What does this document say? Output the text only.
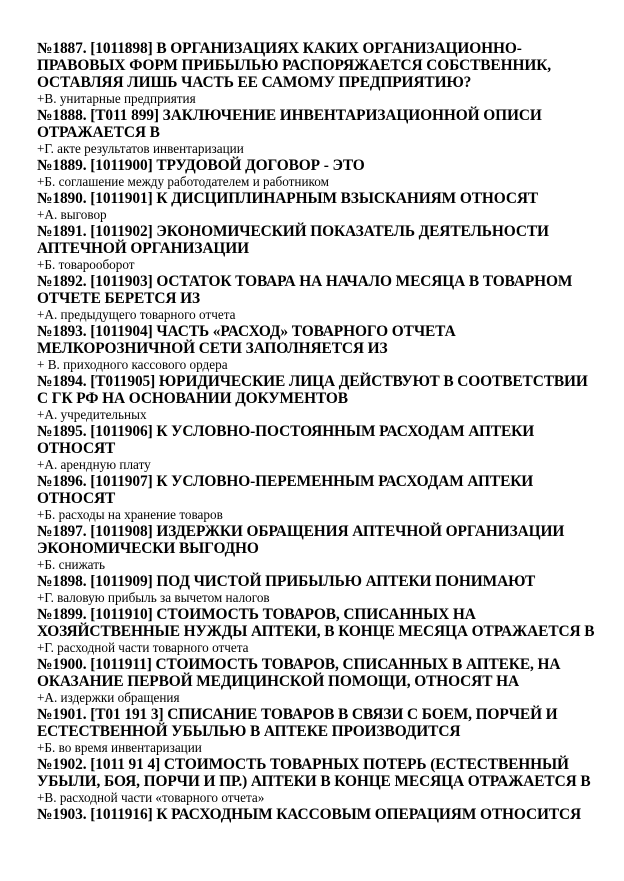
№1887. [1011898] В ОРГАНИЗАЦИЯХ КАКИХ ОРГАНИЗАЦИОННО-ПРАВОВЫХ ФОРМ ПРИБЫЛЬЮ РАСПОРЯЖАЕТСЯ СОБСТВЕННИК, ОСТАВЛЯЯ ЛИШЬ ЧАСТЬ ЕЕ САМОМУ ПРЕДПРИЯТИЮ?

+В. унитарные предприятия

№1888. [Т011 899] ЗАКЛЮЧЕНИЕ ИНВЕНТАРИЗАЦИОННОЙ ОПИСИ ОТРАЖАЕТСЯ В

+Г. акте результатов инвентаризации

№1889. [1011900] ТРУДОВОЙ ДОГОВОР - ЭТО

+Б. соглашение между работодателем и работником

№1890. [1011901] К ДИСЦИПЛИНАРНЫМ ВЗЫСКАНИЯМ ОТНОСЯТ

+А. выговор

№1891. [1011902] ЭКОНОМИЧЕСКИЙ ПОКАЗАТЕЛЬ ДЕЯТЕЛЬНОСТИ АПТЕЧНОЙ ОРГАНИЗАЦИИ

+Б. товарооборот

№1892. [1011903] ОСТАТОК ТОВАРА НА НАЧАЛО МЕСЯЦА В ТОВАРНОМ ОТЧЕТЕ БЕРЕТСЯ ИЗ

+А. предыдущего товарного отчета

№1893. [1011904] ЧАСТЬ «РАСХОД» ТОВАРНОГО ОТЧЕТА МЕЛКОРОЗНИЧНОЙ СЕТИ ЗАПОЛНЯЕТСЯ ИЗ

+ В. приходного кассового ордера

№1894. [Т011905] ЮРИДИЧЕСКИЕ ЛИЦА ДЕЙСТВУЮТ В СООТВЕТСТВИИ С ГК РФ НА ОСНОВАНИИ ДОКУМЕНТОВ

+А. учредительных

№1895. [1011906] К УСЛОВНО-ПОСТОЯННЫМ РАСХОДАМ АПТЕКИ ОТНОСЯТ

+А. арендную плату

№1896. [1011907] К УСЛОВНО-ПЕРЕМЕННЫМ РАСХОДАМ АПТЕКИ ОТНОСЯТ

+Б. расходы на хранение товаров

№1897. [1011908] ИЗДЕРЖКИ ОБРАЩЕНИЯ АПТЕЧНОЙ ОРГАНИЗАЦИИ ЭКОНОМИЧЕСКИ ВЫГОДНО

+Б. снижать

№1898. [1011909] ПОД ЧИСТОЙ ПРИБЫЛЬЮ АПТЕКИ ПОНИМАЮТ

+Г. валовую прибыль за вычетом налогов

№1899. [1011910] СТОИМОСТЬ ТОВАРОВ, СПИСАННЫХ НА ХОЗЯЙСТВЕННЫЕ НУЖДЫ АПТЕКИ, В КОНЦЕ МЕСЯЦА ОТРАЖАЕТСЯ В

+Г. расходной части товарного отчета

№1900. [1011911] СТОИМОСТЬ ТОВАРОВ, СПИСАННЫХ В АПТЕКЕ, НА ОКАЗАНИЕ ПЕРВОЙ МЕДИЦИНСКОЙ ПОМОЩИ, ОТНОСЯТ НА

+А. издержки обращения

№1901. [Т01 191 3] СПИСАНИЕ ТОВАРОВ В СВЯЗИ С БОЕМ, ПОРЧЕЙ И ЕСТЕСТВЕННОЙ УБЫЛЬЮ В АПТЕКЕ ПРОИЗВОДИТСЯ

+Б. во время инвентаризации

№1902. [1011 91 4] СТОИМОСТЬ ТОВАРНЫХ ПОТЕРЬ (ЕСТЕСТВЕННЫЙ УБЫЛИ, БОЯ, ПОРЧИ И ПР.) АПТЕКИ В КОНЦЕ МЕСЯЦА ОТРАЖАЕТСЯ В

+В. расходной части «товарного отчета»

№1903. [1011916] К РАСХОДНЫМ КАССОВЫМ ОПЕРАЦИЯМ ОТНОСИТСЯ
